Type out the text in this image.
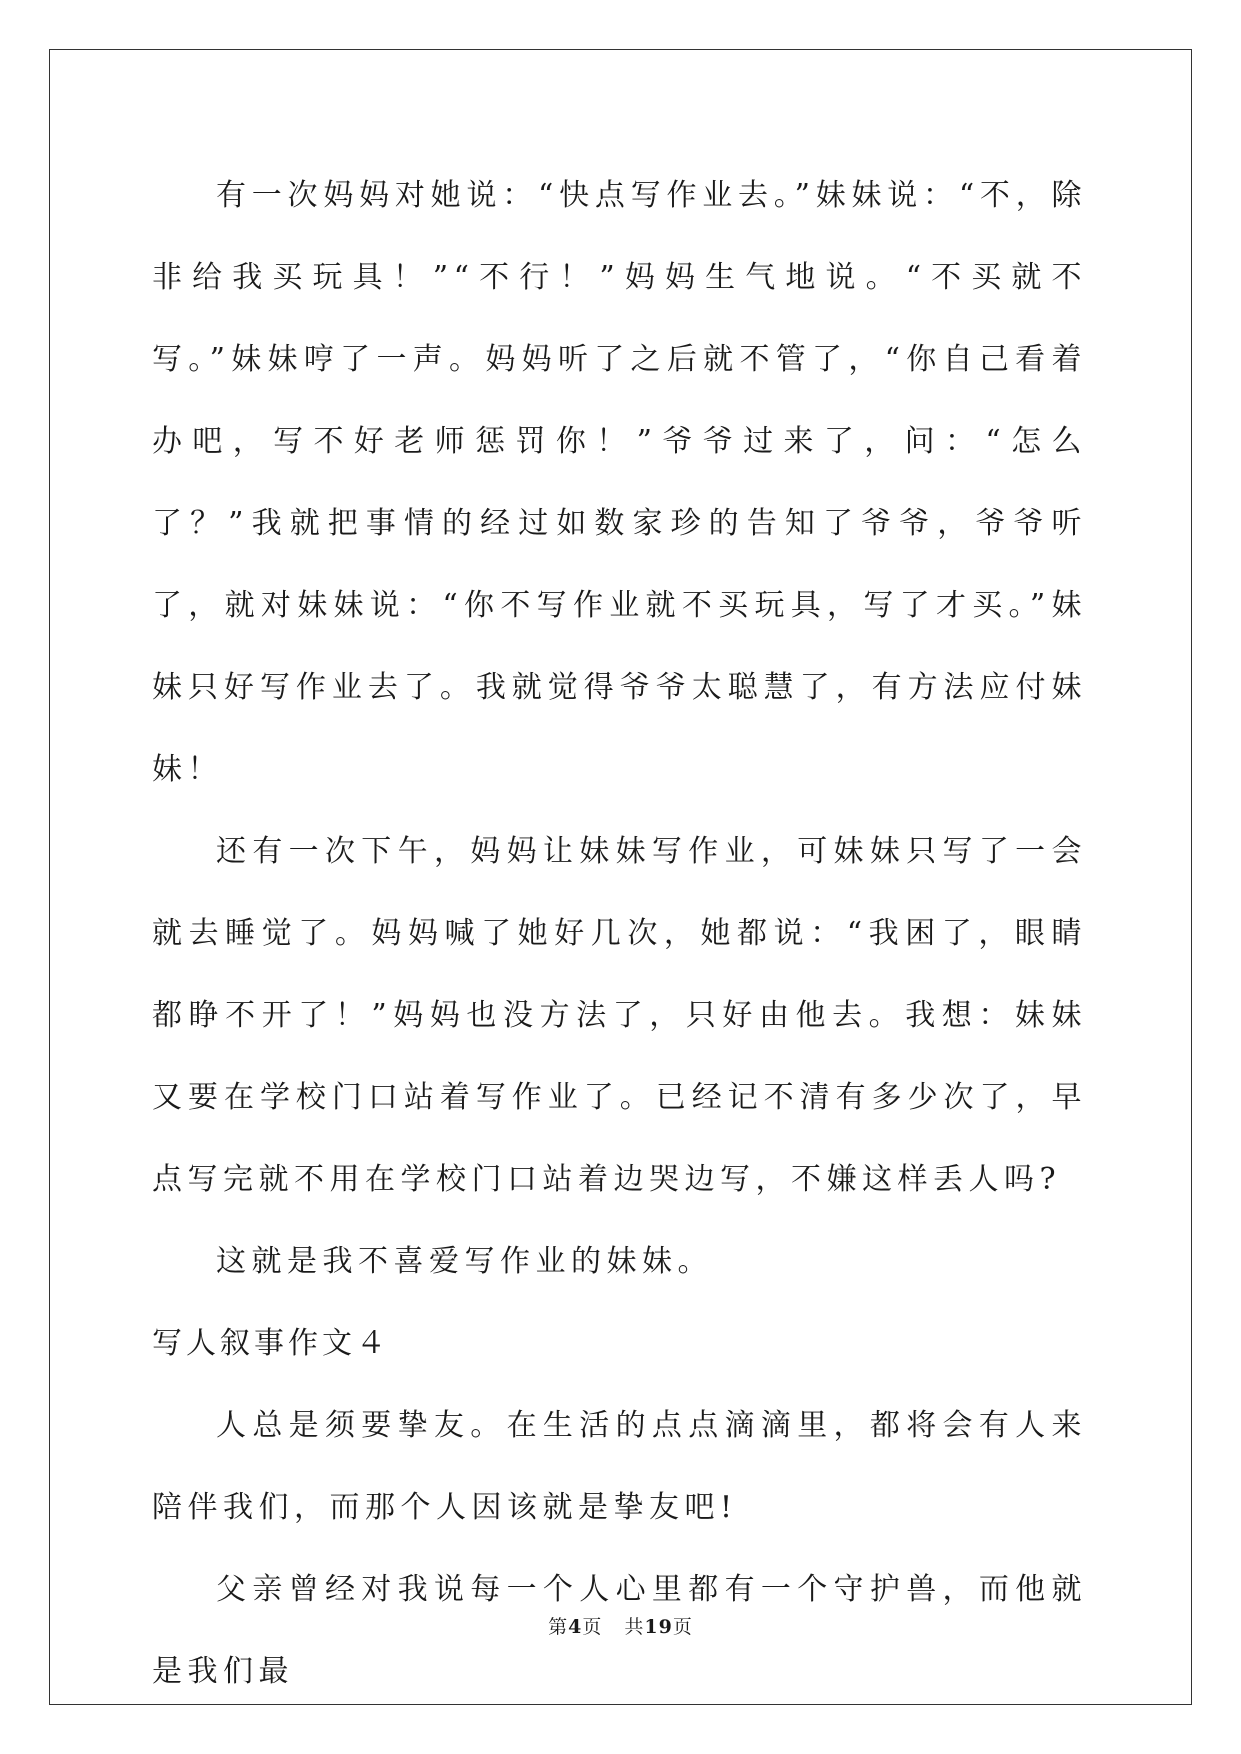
有一次妈妈对她说：“快点写作业去。”妹妹说：“不，除非给我买玩具！”“不行！”妈妈生气地说。“不买就不写。”妹妹哼了一声。妈妈听了之后就不管了，“你自己看着办吧，写不好老师惩罚你！”爷爷过来了，问：“怎么了？”我就把事情的经过如数家珍的告知了爷爷，爷爷听了，就对妹妹说：“你不写作业就不买玩具，写了才买。”妹妹只好写作业去了。我就觉得爷爷太聪慧了，有方法应付妹妹！

还有一次下午，妈妈让妹妹写作业，可妹妹只写了一会就去睡觉了。妈妈喊了她好几次，她都说：“我困了，眼睛都睁不开了！”妈妈也没方法了，只好由他去。我想：妹妹又要在学校门口站着写作业了。已经记不清有多少次了，早点写完就不用在学校门口站着边哭边写，不嫌这样丢人吗?

这就是我不喜爱写作业的妹妹。

写人叙事作文４

人总是须要挚友。在生活的点点滴滴里，都将会有人来陪伴我们，而那个人因该就是挚友吧!

父亲曾经对我说每一个人心里都有一个守护兽，而他就是我们最

第4页 共19页
